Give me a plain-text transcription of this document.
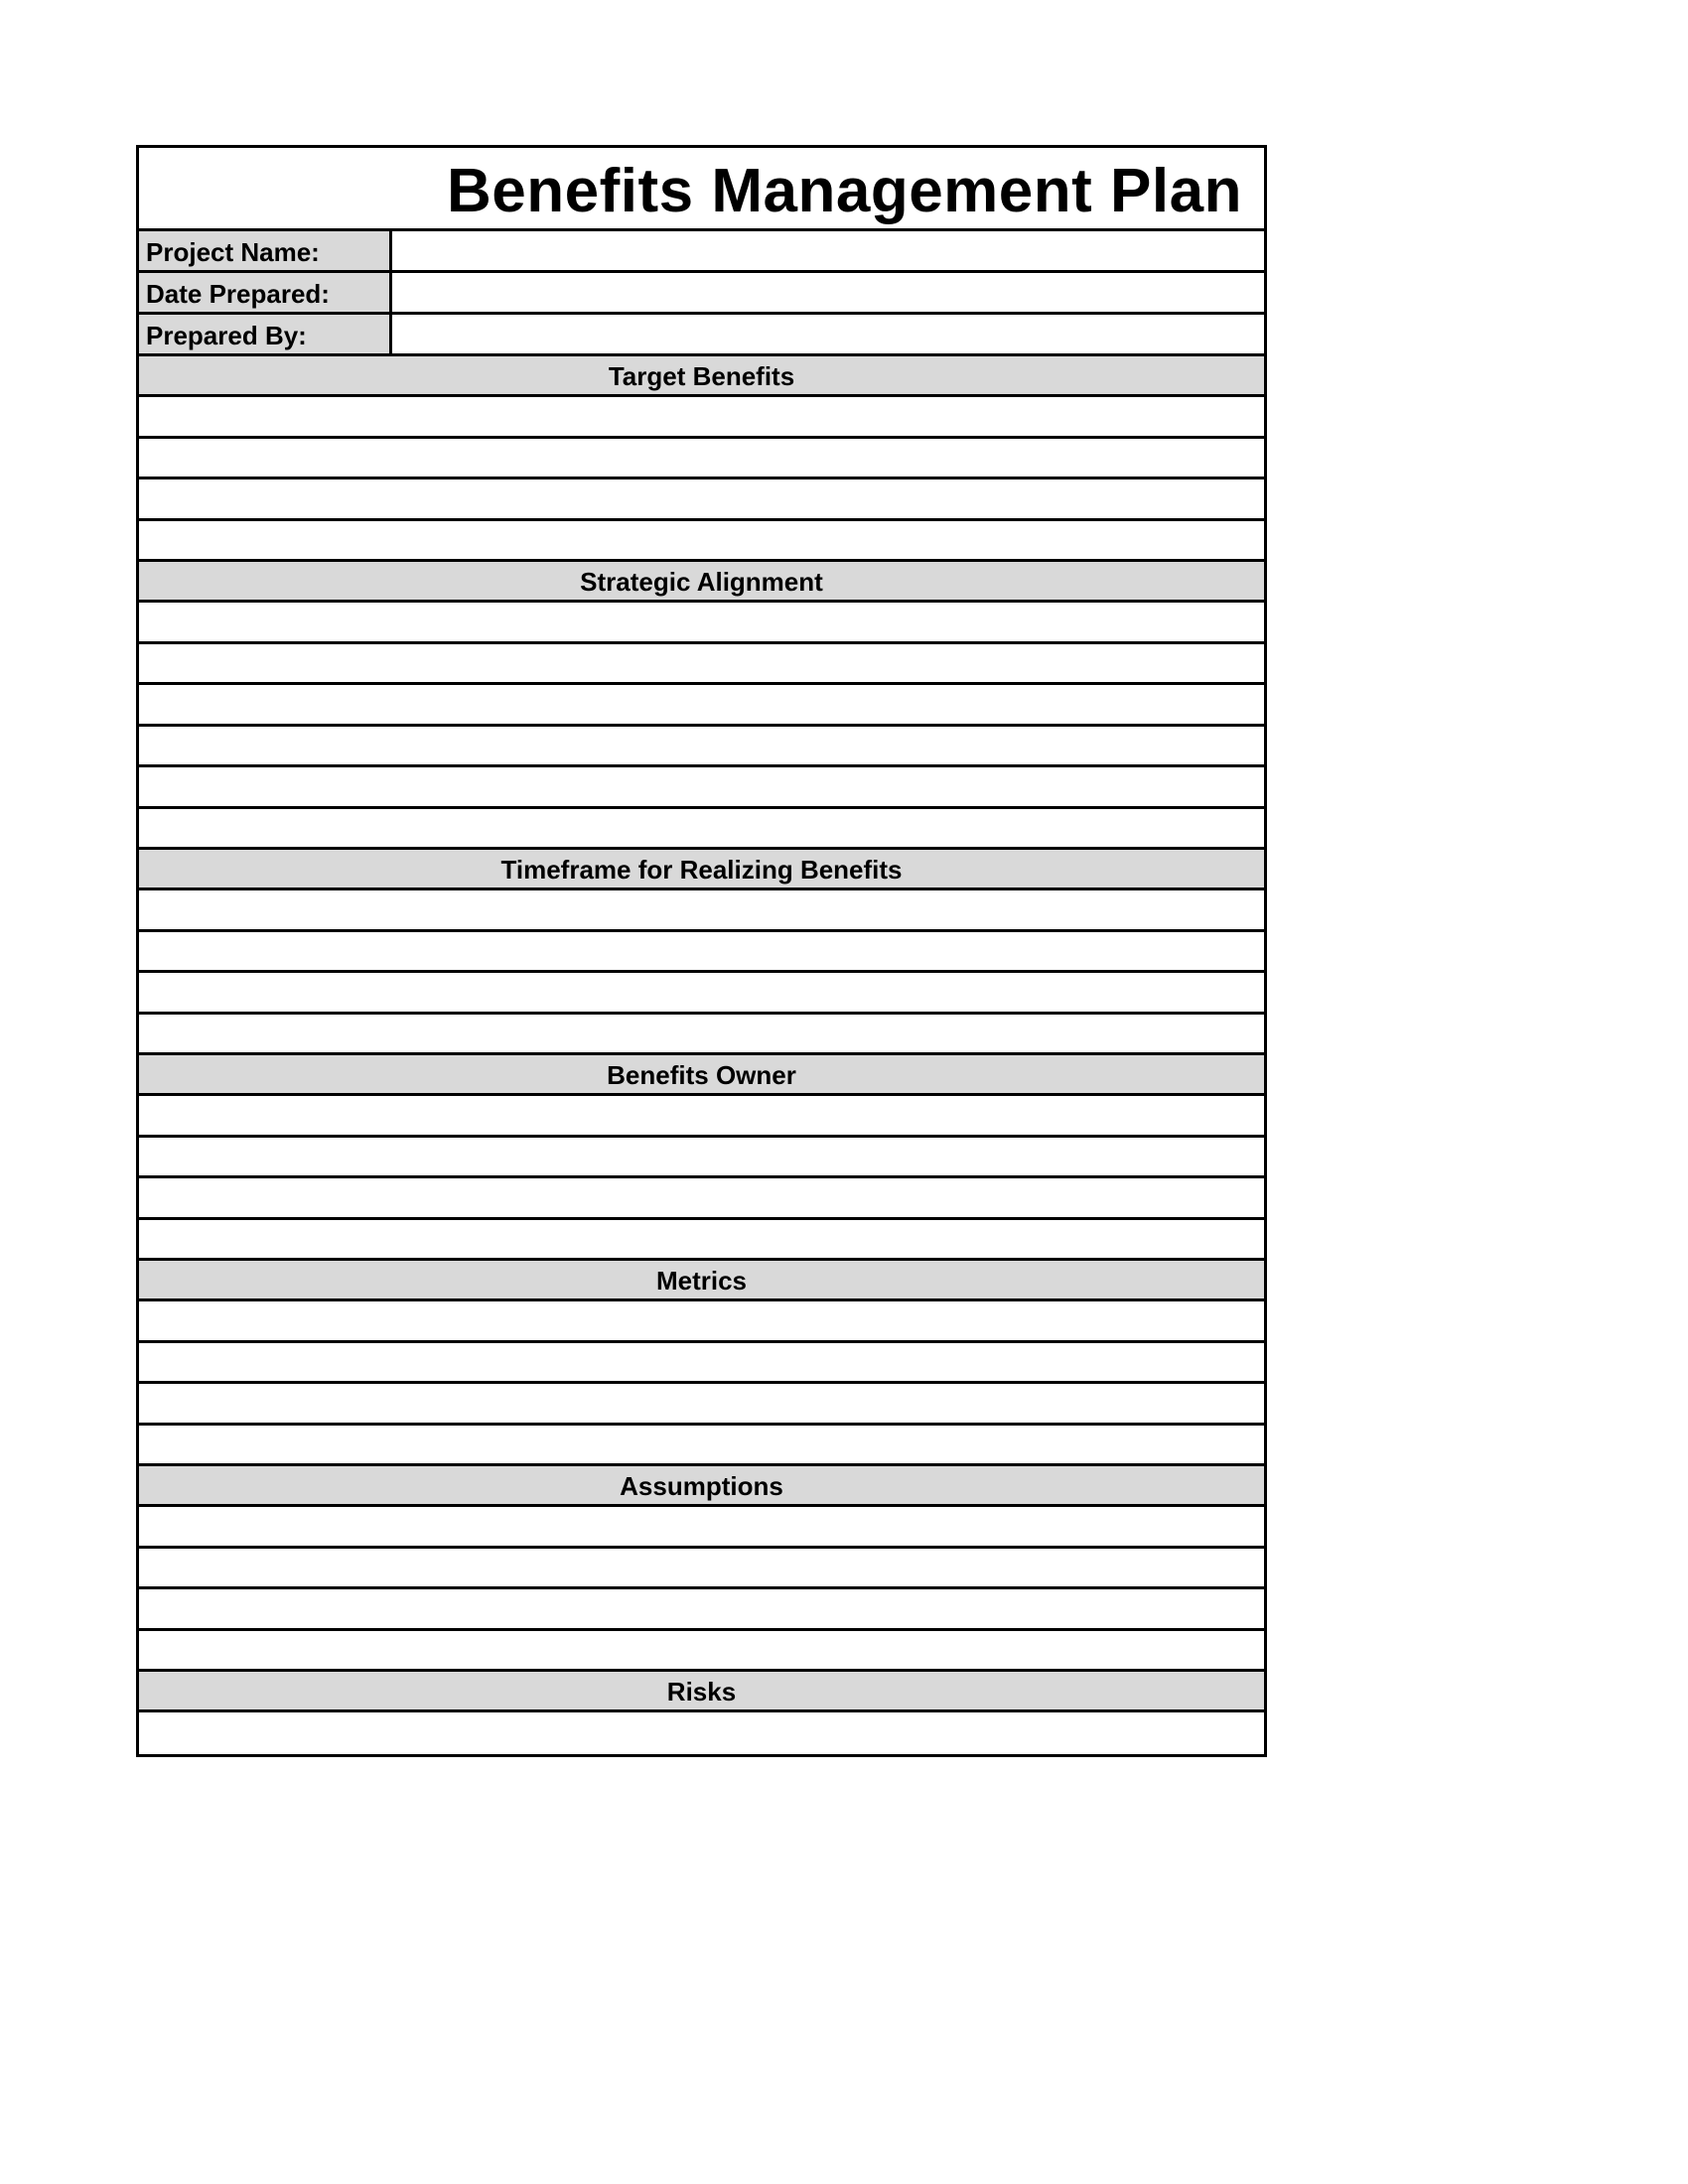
Benefits Management Plan
Project Name:
Date Prepared:
Prepared By:
Target Benefits
Strategic Alignment
Timeframe for Realizing Benefits
Benefits Owner
Metrics
Assumptions
Risks
